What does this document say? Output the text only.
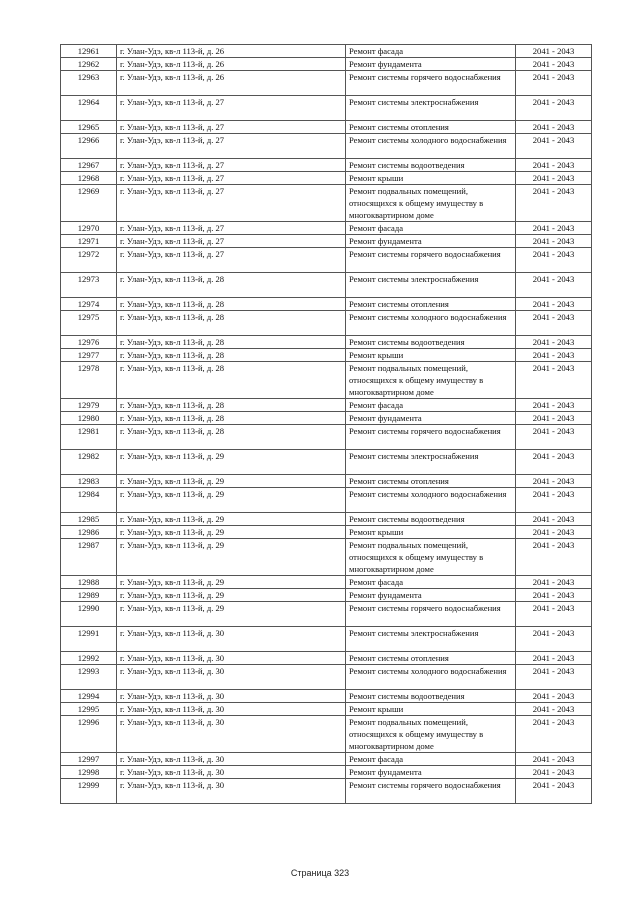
12961	г. Улан-Удэ, кв-л 113-й, д. 26	Ремонт фасада	2041 - 2043
12962	г. Улан-Удэ, кв-л 113-й, д. 26	Ремонт фундамента	2041 - 2043
12963	г. Улан-Удэ, кв-л 113-й, д. 26	Ремонт системы горячего водоснабжения	2041 - 2043
12964	г. Улан-Удэ, кв-л 113-й, д. 27	Ремонт системы электроснабжения	2041 - 2043
12965	г. Улан-Удэ, кв-л 113-й, д. 27	Ремонт системы отопления	2041 - 2043
12966	г. Улан-Удэ, кв-л 113-й, д. 27	Ремонт системы холодного водоснабжения	2041 - 2043
12967	г. Улан-Удэ, кв-л 113-й, д. 27	Ремонт системы водоотведения	2041 - 2043
12968	г. Улан-Удэ, кв-л 113-й, д. 27	Ремонт крыши	2041 - 2043
12969	г. Улан-Удэ, кв-л 113-й, д. 27	Ремонт подвальных помещений, относящихся к общему имуществу в многоквартирном доме	2041 - 2043
12970	г. Улан-Удэ, кв-л 113-й, д. 27	Ремонт фасада	2041 - 2043
12971	г. Улан-Удэ, кв-л 113-й, д. 27	Ремонт фундамента	2041 - 2043
12972	г. Улан-Удэ, кв-л 113-й, д. 27	Ремонт системы горячего водоснабжения	2041 - 2043
12973	г. Улан-Удэ, кв-л 113-й, д. 28	Ремонт системы электроснабжения	2041 - 2043
12974	г. Улан-Удэ, кв-л 113-й, д. 28	Ремонт системы отопления	2041 - 2043
12975	г. Улан-Удэ, кв-л 113-й, д. 28	Ремонт системы холодного водоснабжения	2041 - 2043
12976	г. Улан-Удэ, кв-л 113-й, д. 28	Ремонт системы водоотведения	2041 - 2043
12977	г. Улан-Удэ, кв-л 113-й, д. 28	Ремонт крыши	2041 - 2043
12978	г. Улан-Удэ, кв-л 113-й, д. 28	Ремонт подвальных помещений, относящихся к общему имуществу в многоквартирном доме	2041 - 2043
12979	г. Улан-Удэ, кв-л 113-й, д. 28	Ремонт фасада	2041 - 2043
12980	г. Улан-Удэ, кв-л 113-й, д. 28	Ремонт фундамента	2041 - 2043
12981	г. Улан-Удэ, кв-л 113-й, д. 28	Ремонт системы горячего водоснабжения	2041 - 2043
12982	г. Улан-Удэ, кв-л 113-й, д. 29	Ремонт системы электроснабжения	2041 - 2043
12983	г. Улан-Удэ, кв-л 113-й, д. 29	Ремонт системы отопления	2041 - 2043
12984	г. Улан-Удэ, кв-л 113-й, д. 29	Ремонт системы холодного водоснабжения	2041 - 2043
12985	г. Улан-Удэ, кв-л 113-й, д. 29	Ремонт системы водоотведения	2041 - 2043
12986	г. Улан-Удэ, кв-л 113-й, д. 29	Ремонт крыши	2041 - 2043
12987	г. Улан-Удэ, кв-л 113-й, д. 29	Ремонт подвальных помещений, относящихся к общему имуществу в многоквартирном доме	2041 - 2043
12988	г. Улан-Удэ, кв-л 113-й, д. 29	Ремонт фасада	2041 - 2043
12989	г. Улан-Удэ, кв-л 113-й, д. 29	Ремонт фундамента	2041 - 2043
12990	г. Улан-Удэ, кв-л 113-й, д. 29	Ремонт системы горячего водоснабжения	2041 - 2043
12991	г. Улан-Удэ, кв-л 113-й, д. 30	Ремонт системы электроснабжения	2041 - 2043
12992	г. Улан-Удэ, кв-л 113-й, д. 30	Ремонт системы отопления	2041 - 2043
12993	г. Улан-Удэ, кв-л 113-й, д. 30	Ремонт системы холодного водоснабжения	2041 - 2043
12994	г. Улан-Удэ, кв-л 113-й, д. 30	Ремонт системы водоотведения	2041 - 2043
12995	г. Улан-Удэ, кв-л 113-й, д. 30	Ремонт крыши	2041 - 2043
12996	г. Улан-Удэ, кв-л 113-й, д. 30	Ремонт подвальных помещений, относящихся к общему имуществу в многоквартирном доме	2041 - 2043
12997	г. Улан-Удэ, кв-л 113-й, д. 30	Ремонт фасада	2041 - 2043
12998	г. Улан-Удэ, кв-л 113-й, д. 30	Ремонт фундамента	2041 - 2043
12999	г. Улан-Удэ, кв-л 113-й, д. 30	Ремонт системы горячего водоснабжения	2041 - 2043
Страница 323
